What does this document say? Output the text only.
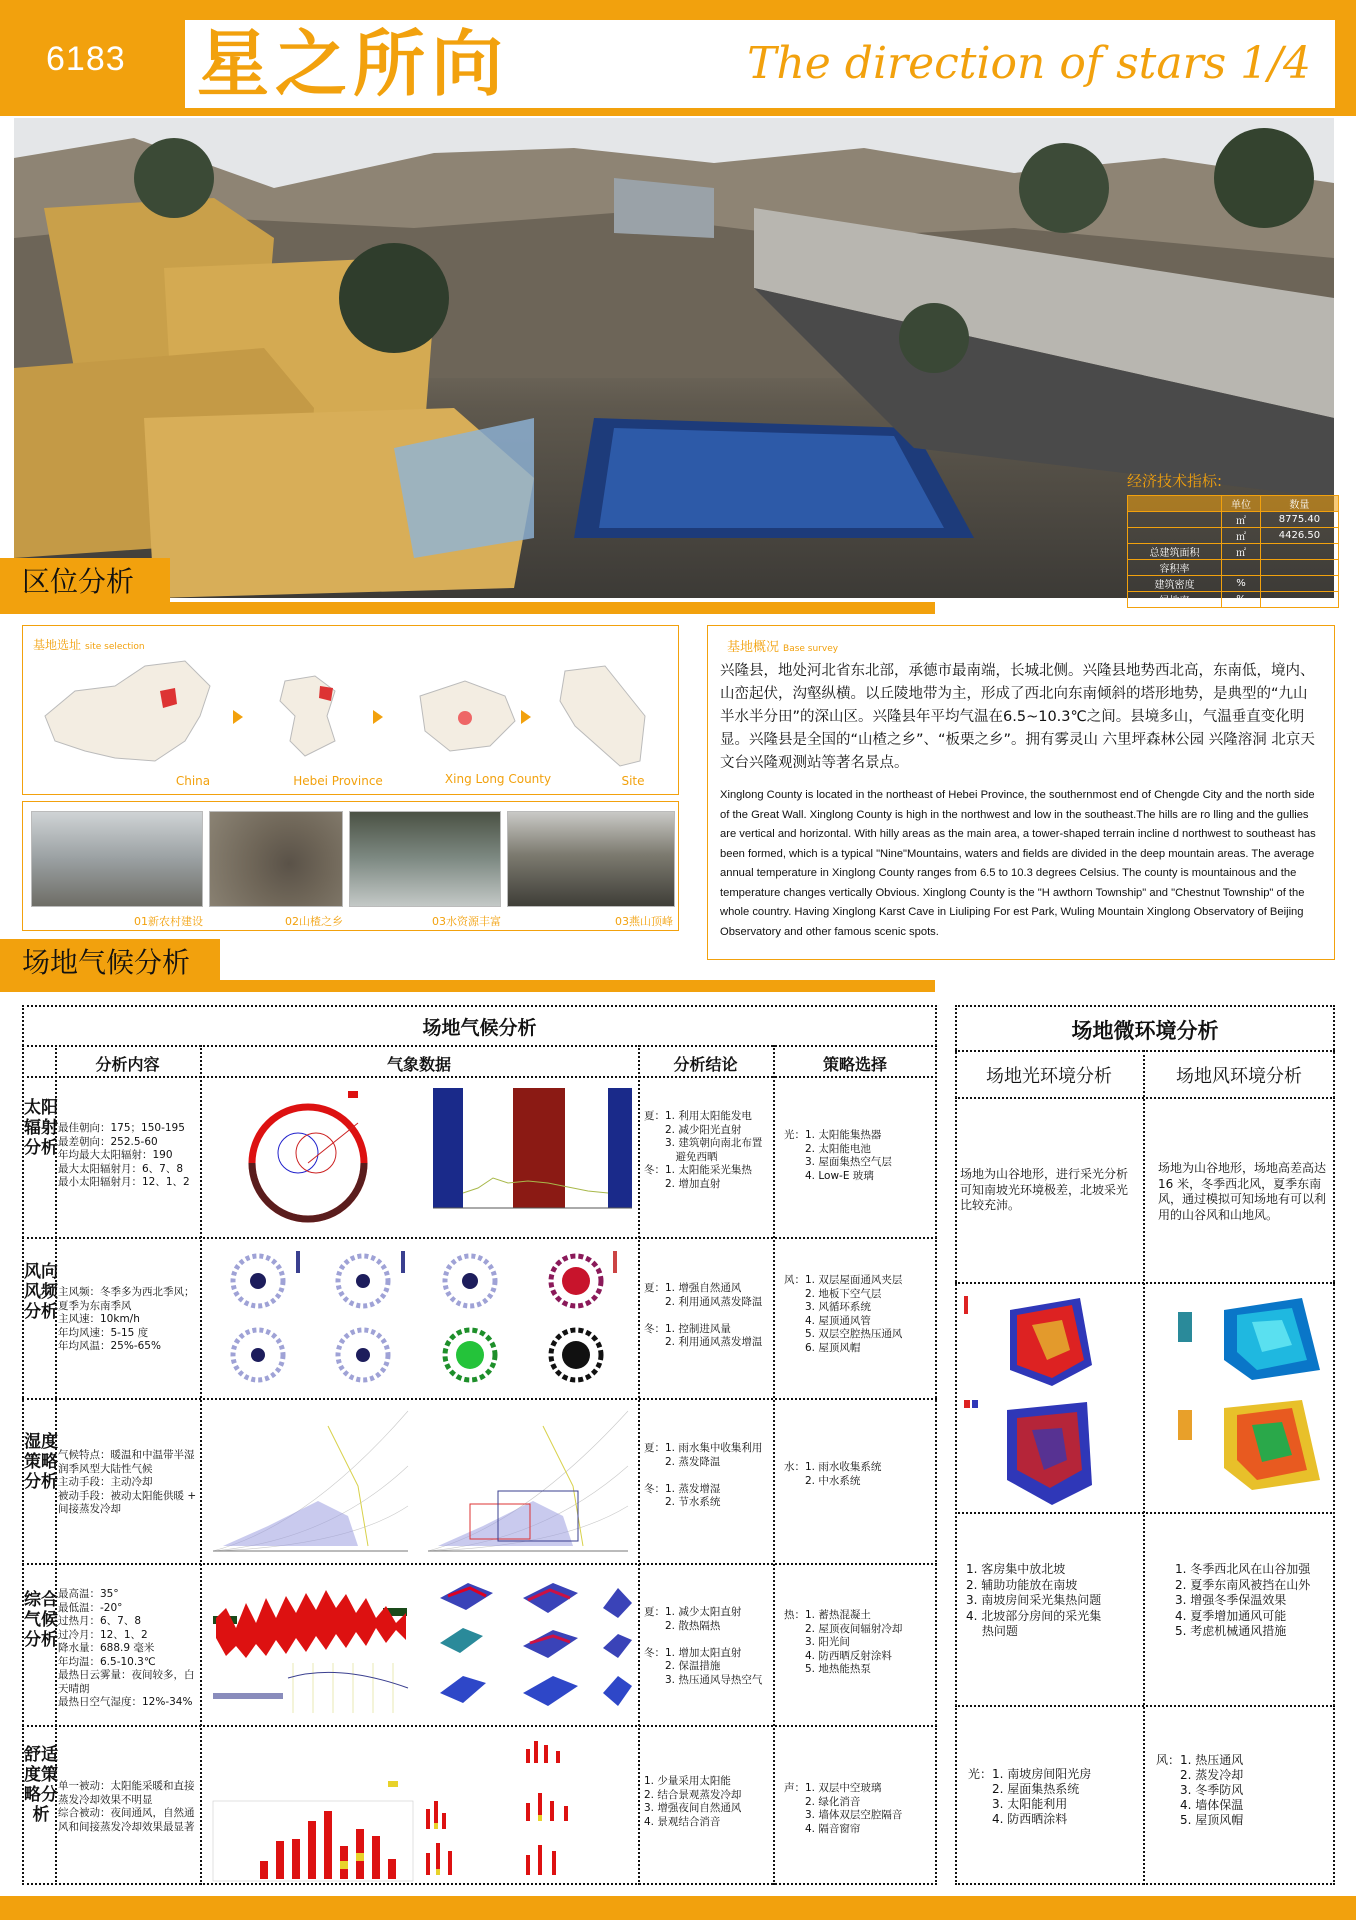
6183 星之所向	The direction of stars 1/4
经济技术指标:
	单位	数量
	㎡	8775.40
	㎡	4426.50
总建筑面积	㎡	
容积率		
建筑密度	%	
绿地率	%	
区位分析
基地选址 site selection
China	Hebei Province	Xing Long County	Site
01新农村建设	02山楂之乡	03水资源丰富	03燕山顶峰
基地概况 Base survey
兴隆县，地处河北省东北部，承德市最南端，长城北侧。兴隆县地势西北高，东南低，境内、山峦起伏，沟壑纵横。以丘陵地带为主，形成了西北向东南倾斜的塔形地势，是典型的“九山半水半分田”的深山区。兴隆县年平均气温在6.5~10.3℃之间。县境多山，气温垂直变化明显。兴隆县是全国的“山楂之乡”、“板栗之乡”。拥有雾灵山 六里坪森林公园 兴隆溶洞 北京天文台兴隆观测站等著名景点。
Xinglong County is located in the northeast of Hebei Province, the southernmost end of Chengde City and the north side of the Great Wall. Xinglong County is high in the northwest and low in the southeast.The hills are ro lling and the gullies are vertical and horizontal. With hilly areas as the main area, a tower-shaped terrain incline d northwest to southeast has been formed, which is a typical "Nine"Mountains, waters and fields are divided in the deep mountain areas. The average annual temperature in Xinglong County ranges from 6.5 to 10.3 degrees Celsius. The county is mountainous and the temperature changes vertically Obvious. Xinglong County is the "H awthorn Township" and "Chestnut Township" of the whole country. Having Xinglong Karst Cave in Liuliping For est Park, Wuling Mountain Xinglong Observatory of Beijing Observatory and other famous scenic spots.
场地气候分析
场地气候分析
分析内容	气象数据	分析结论	策略选择
太阳辐射分析
最佳朝向：175；150-195
最差朝向：252.5-60
年均最大太阳辐射：190
最大太阳辐射月：6、7、8
最小太阳辐射月：12、1、2
夏：1. 利用太阳能发电
　　2. 减少阳光直射
　　3. 建筑朝向南北布置
　　　避免西晒
冬：1. 太阳能采光集热
　　2. 增加直射
光：1. 太阳能集热器
　　2. 太阳能电池
　　3. 屋面集热空气层
　　4. Low-E 玻璃
风向风频分析
主风频：冬季多为西北季风；
夏季为东南季风
主风速：10km/h
年均风速：5-15 度
年均风温：25%-65%
夏：1. 增强自然通风
　　2. 利用通风蒸发降温

冬：1. 控制进风量
　　2. 利用通风蒸发增温
风：1. 双层屋面通风夹层
　　2. 地板下空气层
　　3. 风循环系统
　　4. 屋顶通风管
　　5. 双层空腔热压通风
　　6. 屋顶风帽
湿度策略分析
气候特点：暖温和中温带半湿
润季风型大陆性气候
主动手段：主动冷却
被动手段：被动太阳能供暖 +
间接蒸发冷却
夏：1. 雨水集中收集利用
　　2. 蒸发降温

冬：1. 蒸发增湿
　　2. 节水系统
水：1. 雨水收集系统
　　2. 中水系统
综合气候分析
最高温：35°
最低温：-20°
过热月：6、7、8
过冷月：12、1、2
降水量：688.9 毫米
年均温：6.5-10.3℃
最热日云雾量：夜间较多，白
天晴朗
最热日空气湿度：12%-34%
夏：1. 减少太阳直射
　　2. 散热隔热

冬：1. 增加太阳直射
　　2. 保温措施
　　3. 热压通风导热空气
热：1. 蓄热混凝土
　　2. 屋顶夜间辐射冷却
　　3. 阳光间
　　4. 防西晒反射涂料
　　5. 地热能热泵
舒适度策略分析
单一被动：太阳能采暖和直接
蒸发冷却效果不明显
综合被动：夜间通风，自然通
风和间接蒸发冷却效果最显著
1. 少量采用太阳能
2. 结合景观蒸发冷却
3. 增强夜间自然通风
4. 景观结合消音
声：1. 双层中空玻璃
　　2. 绿化消音
　　3. 墙体双层空腔隔音
　　4. 隔音窗帘
场地微环境分析
场地光环境分析	场地风环境分析
场地为山谷地形，进行采光分析可知南坡光环境极差，北坡采光比较充沛。
场地为山谷地形，场地高差高达 16 米，冬季西北风，夏季东南风，通过模拟可知场地有可以利用的山谷风和山地风。
1. 客房集中放北坡
2. 辅助功能放在南坡
3. 南坡房间采光集热问题
4. 北坡部分房间的采光集
　 热问题
1. 冬季西北风在山谷加强
2. 夏季东南风被挡在山外
3. 增强冬季保温效果
4. 夏季增加通风可能
5. 考虑机械通风措施
光：1. 南坡房间阳光房
　　2. 屋面集热系统
　　3. 太阳能利用
　　4. 防西晒涂料
风：1. 热压通风
　　2. 蒸发冷却
　　3. 冬季防风
　　4. 墙体保温
　　5. 屋顶风帽
